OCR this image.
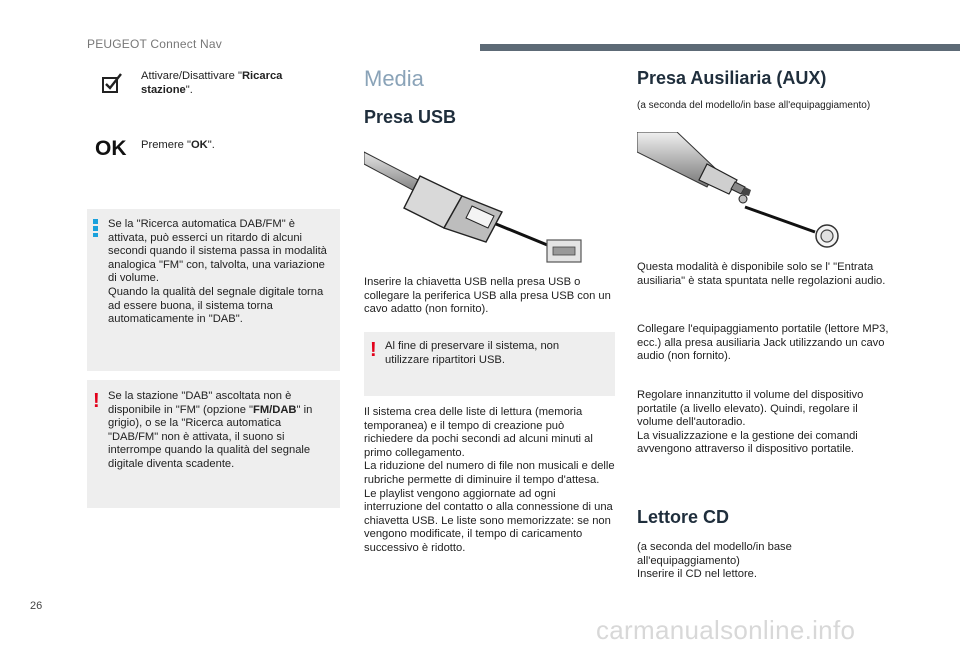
PEUGEOT Connect Nav

Attivare/Disattivare "Ricarca stazione".

OK Premere "OK".

Se la "Ricerca automatica DAB/FM" è attivata, può esserci un ritardo di alcuni secondi quando il sistema passa in modalità analogica "FM" con, talvolta, una variazione di volume.

Quando la qualità del segnale digitale torna ad essere buona, il sistema torna automaticamente in "DAB".

! Se la stazione "DAB" ascoltata non è disponibile in "FM" (opzione "FM/DAB" in grigio), o se la "Ricerca automatica "DAB/FM" non è attivata, il suono si interrompe quando la qualità del segnale digitale diventa scadente.

Media
Presa USB

Inserire la chiavetta USB nella presa USB o collegare la periferica USB alla presa USB con un cavo adatto (non fornito).

! Al fine di preservare il sistema, non utilizzare ripartitori USB.

Il sistema crea delle liste di lettura (memoria temporanea) e il tempo di creazione può richiedere da pochi secondi ad alcuni minuti al primo collegamento.

La riduzione del numero di file non musicali e delle rubriche permette di diminuire il tempo d'attesa.

Le playlist vengono aggiornate ad ogni interruzione del contatto o alla connessione di una chiavetta USB. Le liste sono memorizzate: se non vengono modificate, il tempo di caricamento successivo è ridotto.

Presa Ausiliaria (AUX)
(a seconda del modello/in base all'equipaggiamento)

Questa modalità è disponibile solo se l' "Entrata ausiliaria" è stata spuntata nelle regolazioni audio.

Collegare l'equipaggiamento portatile (lettore MP3, ecc.) alla presa ausiliaria Jack utilizzando un cavo audio (non fornito).

Regolare innanzitutto il volume del dispositivo portatile (a livello elevato). Quindi, regolare il volume dell'autoradio.

La visualizzazione e la gestione dei comandi avvengono attraverso il dispositivo portatile.

Lettore CD

(a seconda del modello/in base all'equipaggiamento)

Inserire il CD nel lettore.

26
carmanualsonline.info
